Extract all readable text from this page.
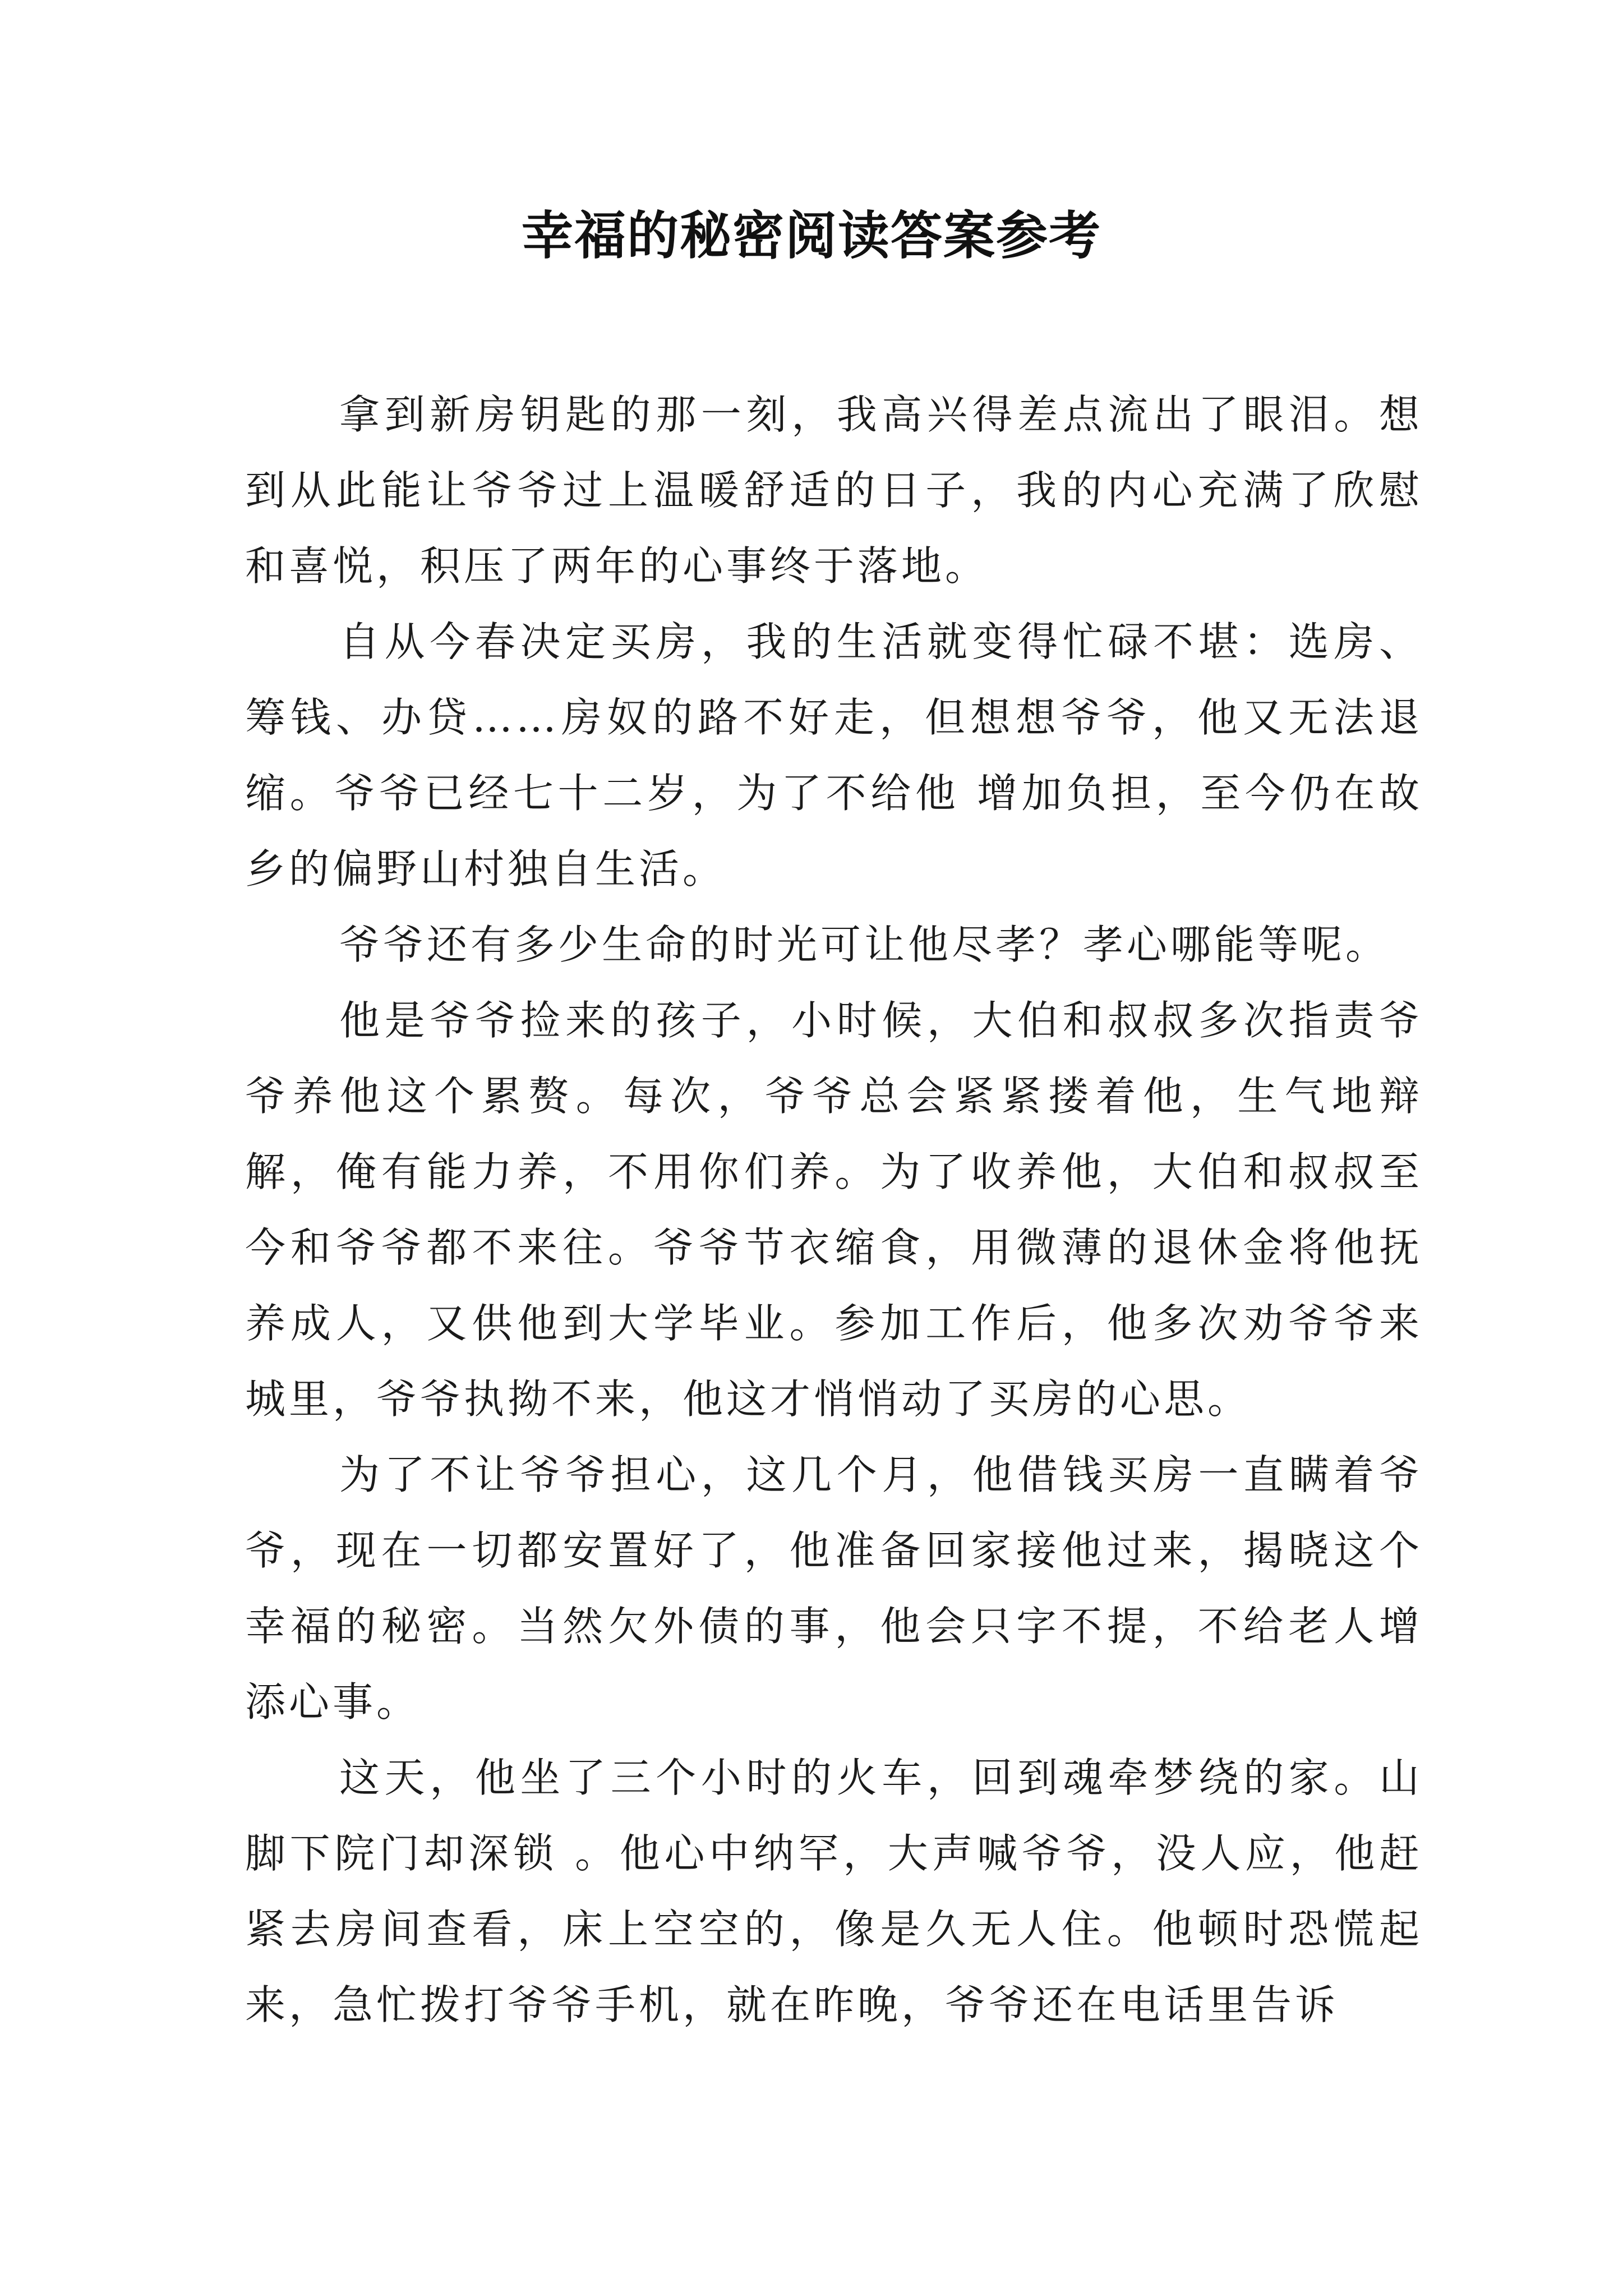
幸福的秘密阅读答案参考

拿到新房钥匙的那一刻，我高兴得差点流出了眼泪。想到从此能让爷爷过上温暖舒适的日子，我的内心充满了欣慰和喜悦，积压了两年的心事终于落地。

自从今春决定买房，我的生活就变得忙碌不堪：选房、筹钱、办贷……房奴的路不好走，但想想爷爷，他又无法退缩。爷爷已经七十二岁，为了不给他 增加负担，至今仍在故乡的偏野山村独自生活。

爷爷还有多少生命的时光可让他尽孝？孝心哪能等呢。

他是爷爷捡来的孩子，小时候，大伯和叔叔多次指责爷爷养他这个累赘。每次，爷爷总会紧紧搂着他，生气地辩解，俺有能力养，不用你们养。为了收养他，大伯和叔叔至今和爷爷都不来往。爷爷节衣缩食，用微薄的退休金将他抚养成人，又供他到大学毕业。参加工作后，他多次劝爷爷来城里，爷爷执拗不来，他这才悄悄动了买房的心思。

为了不让爷爷担心，这几个月，他借钱买房一直瞒着爷爷，现在一切都安置好了，他准备回家接他过来，揭晓这个幸福的秘密。当然欠外债的事，他会只字不提，不给老人增添心事。

这天，他坐了三个小时的火车，回到魂牵梦绕的家。山脚下院门却深锁 。他心中纳罕，大声喊爷爷，没人应，他赶紧去房间查看，床上空空的，像是久无人住。他顿时恐慌起来，急忙拨打爷爷手机，就在昨晚，爷爷还在电话里告诉
